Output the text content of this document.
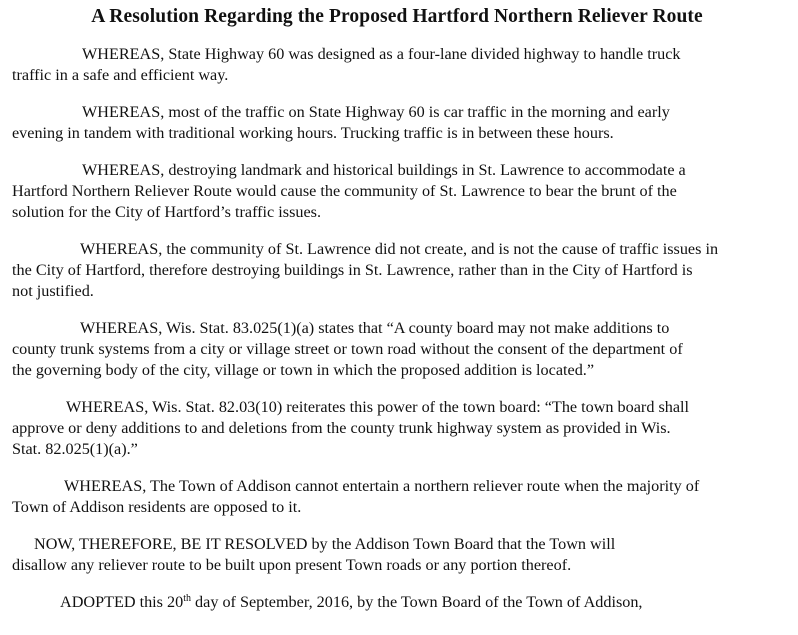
A Resolution Regarding the Proposed Hartford Northern Reliever Route

WHEREAS, State Highway 60 was designed as a four-lane divided highway to handle truck
traffic in a safe and efficient way.

WHEREAS, most of the traffic on State Highway 60 is car traffic in the morning and early
evening in tandem with traditional working hours. Trucking traffic is in between these hours.

WHEREAS, destroying landmark and historical buildings in St. Lawrence to accommodate a
Hartford Northern Reliever Route would cause the community of St. Lawrence to bear the brunt of the
solution for the City of Hartford’s traffic issues.

WHEREAS, the community of St. Lawrence did not create, and is not the cause of traffic issues in
the City of Hartford, therefore destroying buildings in St. Lawrence, rather than in the City of Hartford is
not justified.

WHEREAS, Wis. Stat. 83.025(1)(a) states that “A county board may not make additions to
county trunk systems from a city or village street or town road without the consent of the department of
the governing body of the city, village or town in which the proposed addition is located.”

WHEREAS, Wis. Stat. 82.03(10) reiterates this power of the town board: “The town board shall
approve or deny additions to and deletions from the county trunk highway system as provided in Wis.
Stat. 82.025(1)(a).”

WHEREAS, The Town of Addison cannot entertain a northern reliever route when the majority of
Town of Addison residents are opposed to it.

NOW, THEREFORE, BE IT RESOLVED by the Addison Town Board that the Town will
disallow any reliever route to be built upon present Town roads or any portion thereof.

ADOPTED this 20th day of September, 2016, by the Town Board of the Town of Addison,
